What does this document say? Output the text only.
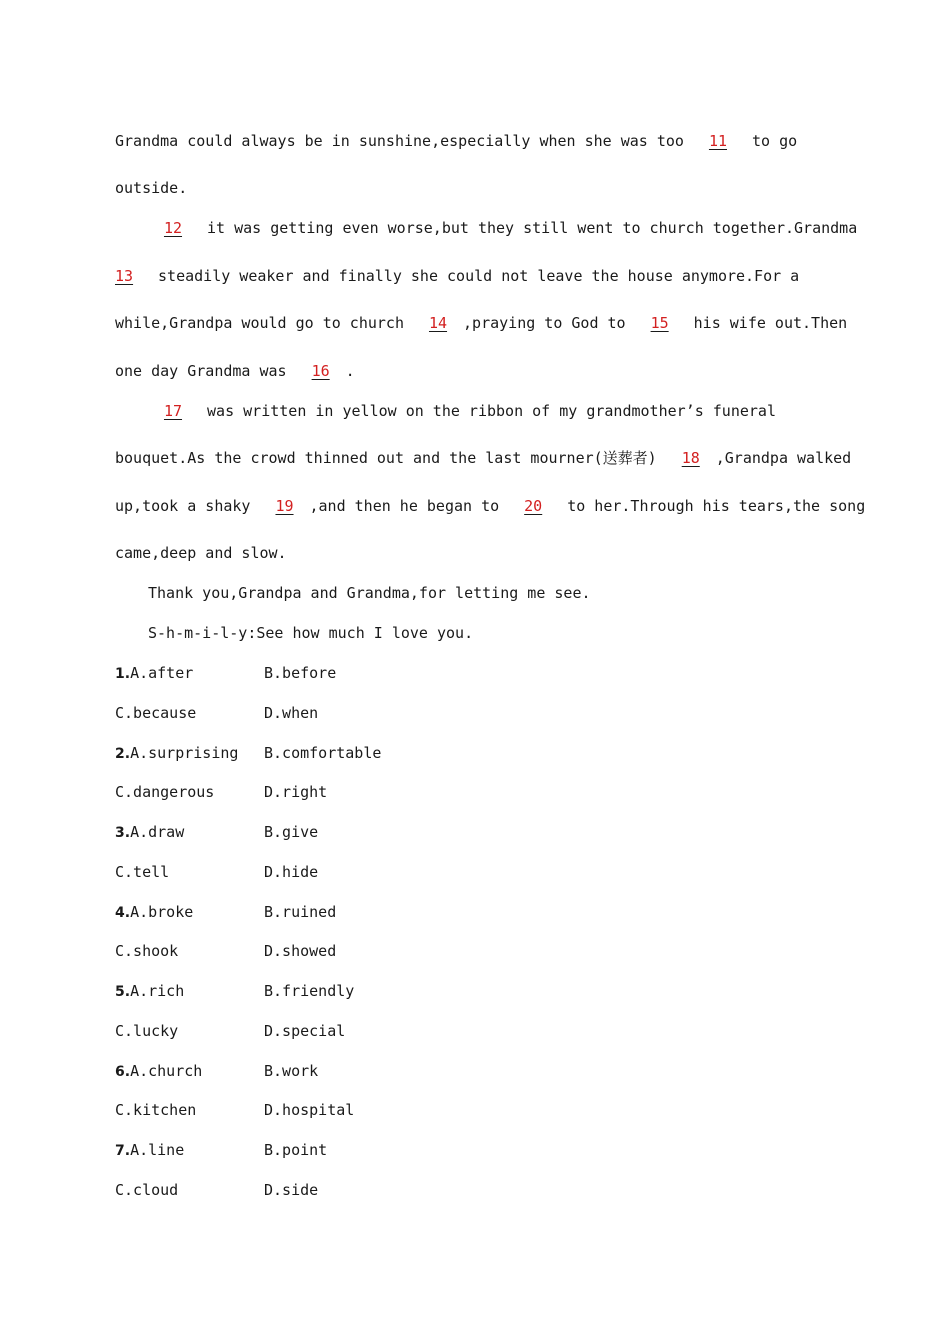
Grandma could always be in sunshine,especially when she was too 11 to go
outside.
12 it was getting even worse,but they still went to church together.Grandma
13 steadily weaker and finally she could not leave the house anymore.For a
while,Grandpa would go to church 14 ,praying to God to 15 his wife out.Then
one day Grandma was 16 .
17 was written in yellow on the ribbon of my grandmother’s funeral
bouquet.As the crowd thinned out and the last mourner(送葬者) 18 ,Grandpa walked
up,took a shaky 19 ,and then he began to 20 to her.Through his tears,the song
came,deep and slow.
Thank you,Grandpa and Grandma,for letting me see.
S-h-m-i-l-y:See how much I love you.
1.A.after	B.before
C.because	D.when
2.A.surprising B.comfortable
C.dangerous	D.right
3.A.draw	B.give
C.tell	D.hide
4.A.broke	B.ruined
C.shook	D.showed
5.A.rich	B.friendly
C.lucky	D.special
6.A.church	B.work
C.kitchen	D.hospital
7.A.line	B.point
C.cloud	D.side
